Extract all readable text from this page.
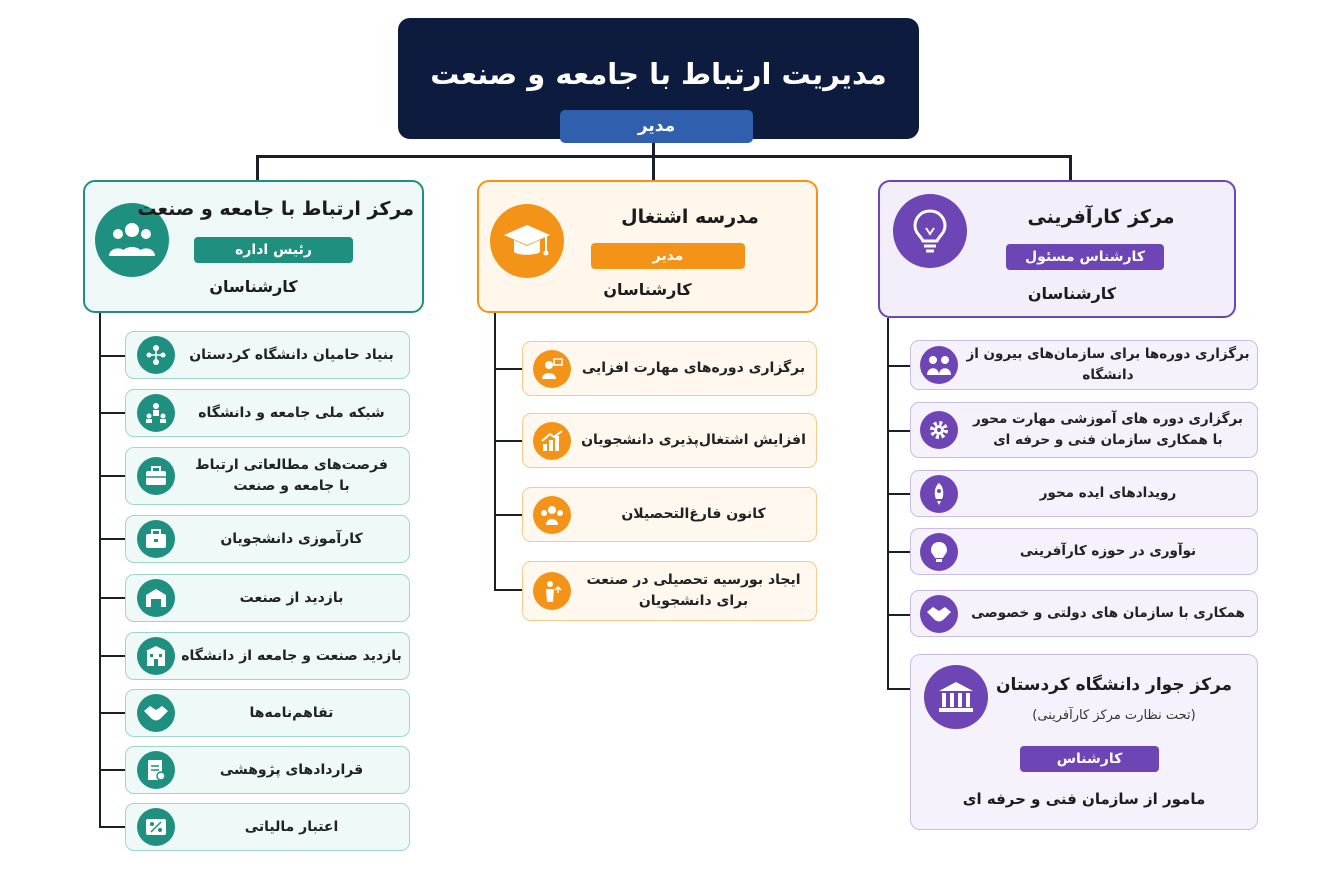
مدیریت ارتباط با جامعه و صنعت
مدیر
مرکز ارتباط با جامعه و صنعت
رئیس اداره
کارشناسان
مدرسه اشتغال
مدیر
کارشناسان
مرکز کارآفرینی
کارشناس مسئول
کارشناسان
بنیاد حامیان دانشگاه کردستان
شبکه ملی جامعه و دانشگاه
فرصت‌های مطالعاتی ارتباط
با جامعه و صنعت
کارآموزی دانشجویان
بازدید از صنعت
بازدید صنعت و جامعه از دانشگاه
تفاهم‌نامه‌ها
قراردادهای پژوهشی
اعتبار مالیاتی
برگزاری دوره‌های مهارت افزایی
افزایش اشتغال‌پذیری دانشجویان
کانون فارغ‌التحصیلان
ایجاد بورسیه تحصیلی در صنعت
برای دانشجویان
برگزاری دوره‌ها برای سازمان‌های بیرون از دانشگاه
برگزاری دوره های آموزشی مهارت محور
با همکاری سازمان فنی و حرفه ای
رویدادهای ایده محور
نوآوری در حوزه کارآفرینی
همکاری با سازمان های دولتی و خصوصی
مرکز جوار دانشگاه کردستان
(تحت نظارت مرکز کارآفرینی)
کارشناس
مامور از سازمان فنی و حرفه ای
